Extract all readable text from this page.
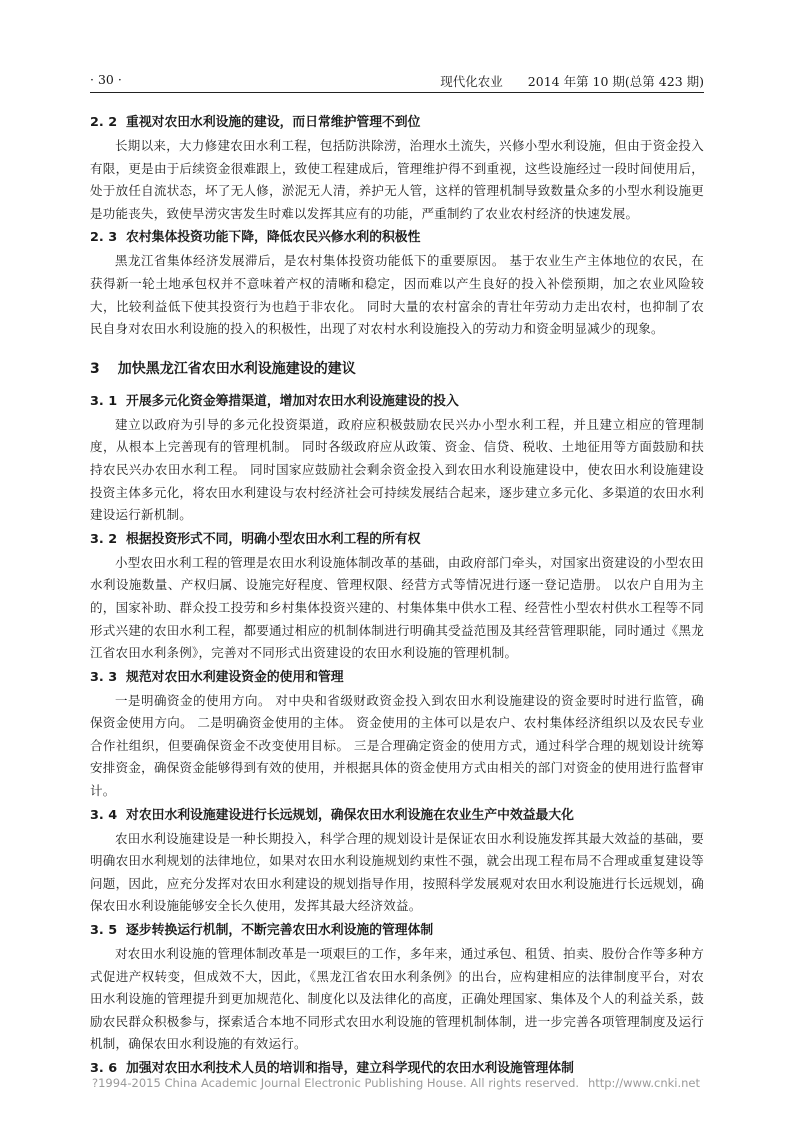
· 30 ·	现代化农业　　2014 年第 10 期(总第 423 期)
2. 2 重视对农田水利设施的建设，而日常维护管理不到位

长期以来，大力修建农田水利工程，包括防洪除涝，治理水土流失，兴修小型水利设施，但由于资金投入有限，更是由于后续资金很难跟上，致使工程建成后，管理维护得不到重视，这些设施经过一段时间使用后，处于放任自流状态，坏了无人修，淤泥无人清，养护无人管，这样的管理机制导致数量众多的小型水利设施更是功能丧失，致使旱涝灾害发生时难以发挥其应有的功能，严重制约了农业农村经济的快速发展。

2. 3 农村集体投资功能下降，降低农民兴修水利的积极性

黑龙江省集体经济发展滞后，是农村集体投资功能低下的重要原因。 基于农业生产主体地位的农民，在获得新一轮土地承包权并不意味着产权的清晰和稳定，因而难以产生良好的投入补偿预期，加之农业风险较大，比较利益低下使其投资行为也趋于非农化。 同时大量的农村富余的青壮年劳动力走出农村，也抑制了农民自身对农田水利设施的投入的积极性，出现了对农村水利设施投入的劳动力和资金明显减少的现象。

3 加快黑龙江省农田水利设施建设的建议
3. 1 开展多元化资金筹措渠道，增加对农田水利设施建设的投入

建立以政府为引导的多元化投资渠道，政府应积极鼓励农民兴办小型水利工程，并且建立相应的管理制度，从根本上完善现有的管理机制。 同时各级政府应从政策、资金、信贷、税收、土地征用等方面鼓励和扶持农民兴办农田水利工程。 同时国家应鼓励社会剩余资金投入到农田水利设施建设中，使农田水利设施建设投资主体多元化，将农田水利建设与农村经济社会可持续发展结合起来，逐步建立多元化、多渠道的农田水利建设运行新机制。

3. 2 根据投资形式不同，明确小型农田水利工程的所有权

小型农田水利工程的管理是农田水利设施体制改革的基础，由政府部门牵头，对国家出资建设的小型农田水利设施数量、产权归属、设施完好程度、管理权限、经营方式等情况进行逐一登记造册。 以农户自用为主的，国家补助、群众投工投劳和乡村集体投资兴建的、村集体集中供水工程、经营性小型农村供水工程等不同形式兴建的农田水利工程，都要通过相应的机制体制进行明确其受益范围及其经营管理职能，同时通过《黑龙江省农田水利条例》，完善对不同形式出资建设的农田水利设施的管理机制。

3. 3 规范对农田水利建设资金的使用和管理

一是明确资金的使用方向。 对中央和省级财政资金投入到农田水利设施建设的资金要时时进行监管，确保资金使用方向。 二是明确资金使用的主体。 资金使用的主体可以是农户、农村集体经济组织以及农民专业合作社组织，但要确保资金不改变使用目标。 三是合理确定资金的使用方式，通过科学合理的规划设计统筹安排资金，确保资金能够得到有效的使用，并根据具体的资金使用方式由相关的部门对资金的使用进行监督审计。

3. 4 对农田水利设施建设进行长远规划，确保农田水利设施在农业生产中效益最大化

农田水利设施建设是一种长期投入，科学合理的规划设计是保证农田水利设施发挥其最大效益的基础，要明确农田水利规划的法律地位，如果对农田水利设施规划约束性不强，就会出现工程布局不合理或重复建设等问题，因此，应充分发挥对农田水利建设的规划指导作用，按照科学发展观对农田水利设施进行长远规划，确保农田水利设施能够安全长久使用，发挥其最大经济效益。

3. 5 逐步转换运行机制，不断完善农田水利设施的管理体制

对农田水利设施的管理体制改革是一项艰巨的工作，多年来，通过承包、租赁、拍卖、股份合作等多种方式促进产权转变，但成效不大，因此，《黑龙江省农田水利条例》的出台，应构建相应的法律制度平台，对农田水利设施的管理提升到更加规范化、制度化以及法律化的高度，正确处理国家、集体及个人的利益关系，鼓励农民群众积极参与，探索适合本地不同形式农田水利设施的管理机制体制，进一步完善各项管理制度及运行机制，确保农田水利设施的有效运行。

3. 6 加强对农田水利技术人员的培训和指导，建立科学现代的农田水利设施管理体制
?1994-2015 China Academic Journal Electronic Publishing House. All rights reserved. http://www.cnki.net
